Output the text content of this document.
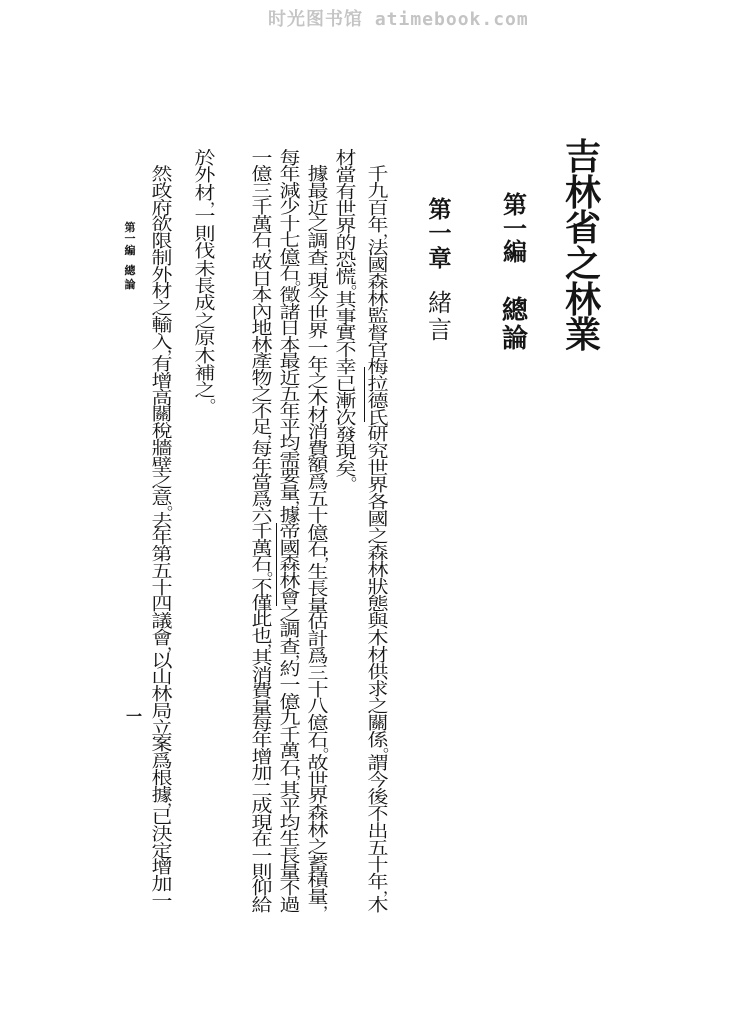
时光图书馆 atimebook.com
吉
林
省
之
林
業
第
一
編
總
論
第
一
章
緒
言
千
九
百
年
，
法
國
森
林
監
督
官
梅
拉
德
氏
研
究
世
界
各
國
之
森
林
狀
態
與
木
材
供
求
之
關
係
。
謂
今
後
不
出
五
十
年
，
木
材
當
有
世
界
的
恐
慌
。
其
事
實
不
幸
已
漸
次
發
現
矣
。
據
最
近
之
調
查
，
現
今
世
界
一
年
之
木
材
消
費
額
爲
五
十
億
石
；
生
長
量
估
計
爲
三
十
八
億
石
。
故
世
界
森
林
之
蓄
積
量
，
每
年
減
少
十
七
億
石
。
徵
諸
日
本
最
近
五
年
平
均
需
要
量
，
據
帝
國
森
林
會
之
調
查
，
約
一
億
九
千
萬
石
；
其
平
均
生
長
量
不
過
一
億
三
千
萬
石
，
故
日
本
內
地
林
產
物
之
不
足
，
每
年
當
爲
六
千
萬
石
。
不
僅
此
也
，
其
消
費
量
每
年
增
加
二
成
現
在
一
則
仰
給
於
外
材
，
一
則
伐
未
長
成
之
原
木
補
之
。
然
政
府
欲
限
制
外
材
之
輸
入
，
有
增
高
關
稅
牆
壁
之
意
。
去
年
第
五
十
四
議
會
，
以
山
林
局
立
案
爲
根
據
，
已
決
定
增
加
一
第
一
編
總
論
一
